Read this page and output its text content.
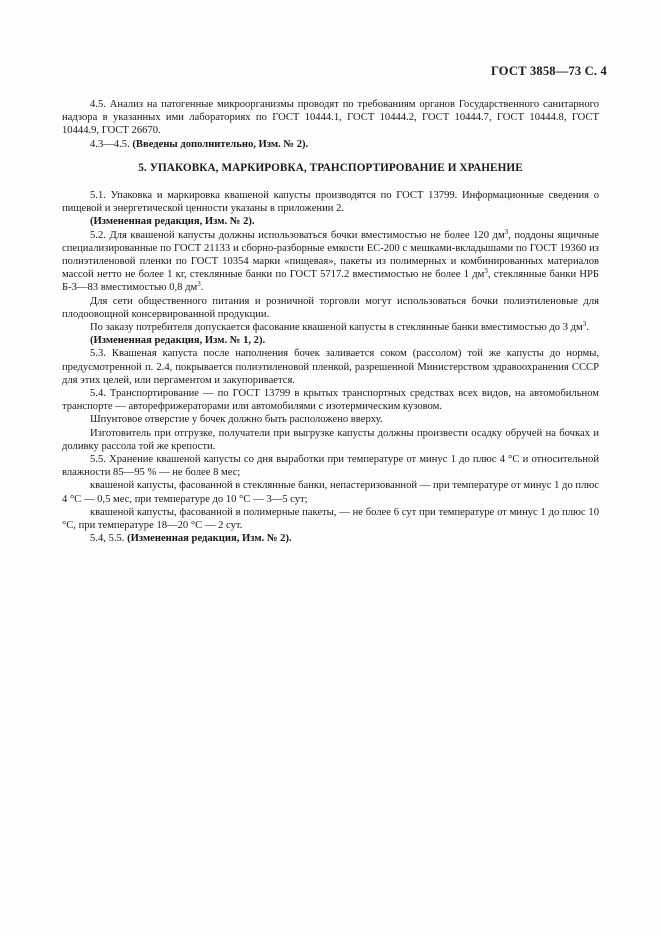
ГОСТ 3858—73 С. 4

4.5. Анализ на патогенные микроорганизмы проводят по требованиям органов Государственного санитарного надзора в указанных ими лабораториях по ГОСТ 10444.1, ГОСТ 10444.2, ГОСТ 10444.7, ГОСТ 10444.8, ГОСТ 10444.9, ГОСТ 26670.

4.3—4.5. (Введены дополнительно, Изм. № 2).

5. УПАКОВКА, МАРКИРОВКА, ТРАНСПОРТИРОВАНИЕ И ХРАНЕНИЕ

5.1. Упаковка и маркировка квашеной капусты производятся по ГОСТ 13799. Информационные сведения о пищевой и энергетической ценности указаны в приложении 2.

(Измененная редакция, Изм. № 2).

5.2. Для квашеной капусты должны использоваться бочки вместимостью не более 120 $дм^3$, поддоны ящичные специализированные по ГОСТ 21133 и сборно-разборные емкости ЕС-200 с мешками-вкладышами по ГОСТ 19360 из полиэтиленовой пленки по ГОСТ 10354 марки «пищевая», пакеты из полимерных и комбинированных материалов массой нетто не более 1 кг, стеклянные банки по ГОСТ 5717.2 вместимостью не более 1 $дм^3$, стеклянные банки НРБ Б-3—83 вместимостью 0,8 $дм^3$.

Для сети общественного питания и розничной торговли могут использоваться бочки полиэтиленовые для плодоовощной консервированной продукции.

По заказу потребителя допускается фасование квашеной капусты в стеклянные банки вместимостью до 3 $дм^3$.

(Измененная редакция, Изм. № 1, 2).

5.3. Квашеная капуста после наполнения бочек заливается соком (рассолом) той же капусты до нормы, предусмотренной п. 2.4, покрывается полиэтиленовой пленкой, разрешенной Министерством здравоохранения СССР для этих целей, или пергаментом и закупоривается.

5.4. Транспортирование — по ГОСТ 13799 в крытых транспортных средствах всех видов, на автомобильном транспорте — авторефрижераторами или автомобилями с изотермическим кузовом.

Шпунтовое отверстие у бочек должно быть расположено вверху.

Изготовитель при отгрузке, получатели при выгрузке капусты должны произвести осадку обручей на бочках и доливку рассола той же крепости.

5.5. Хранение квашеной капусты со дня выработки при температуре от минус 1 до плюс 4 °С и относительной влажности 85—95 % — не более 8 мес;

квашеной капусты, фасованной в стеклянные банки, непастеризованной — при температуре от минус 1 до плюс 4 °С — 0,5 мес, при температуре до 10 °С — 3—5 сут;

квашеной капусты, фасованной в полимерные пакеты, — не более 6 сут при температуре от минус 1 до плюс 10 °С, при температуре 18—20 °С — 2 сут.

5.4, 5.5. (Измененная редакция, Изм. № 2).
